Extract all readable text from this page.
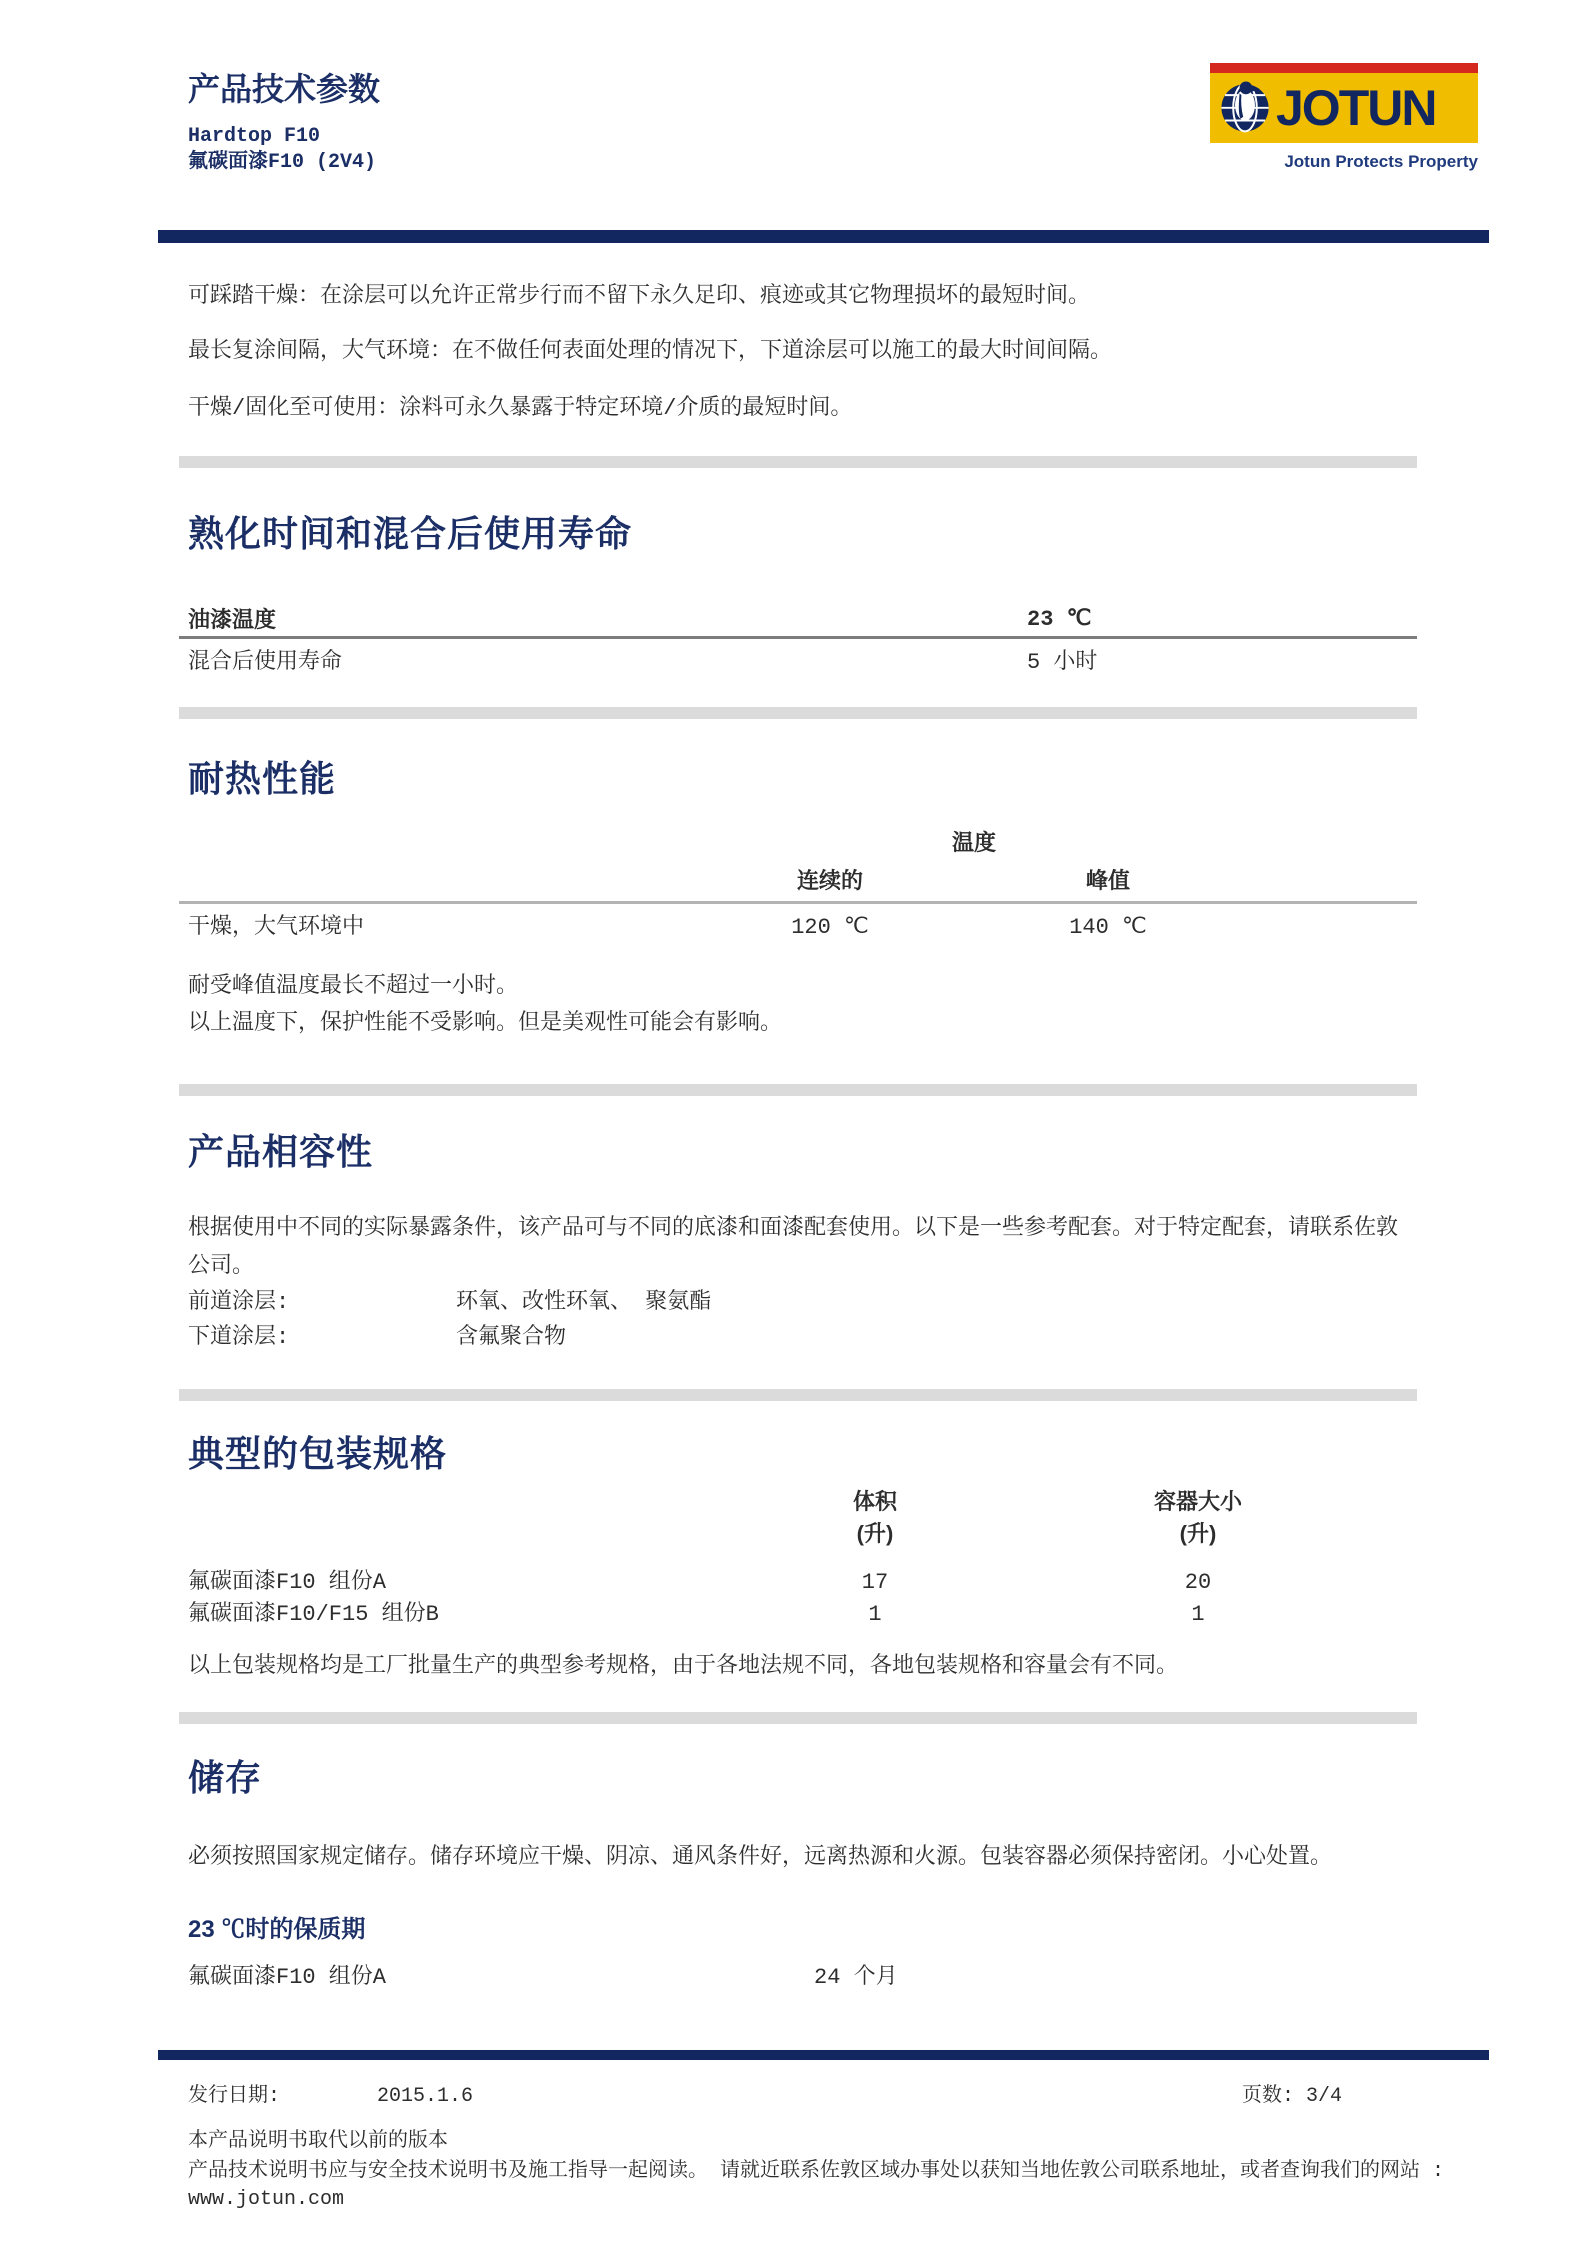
产品技术参数
Hardtop F10
氟碳面漆F10 (2V4)
JOTUN
Jotun Protects Property
可踩踏干燥：在涂层可以允许正常步行而不留下永久足印、痕迹或其它物理损坏的最短时间。
最长复涂间隔，大气环境：在不做任何表面处理的情况下，下道涂层可以施工的最大时间间隔。
干燥/固化至可使用：涂料可永久暴露于特定环境/介质的最短时间。
熟化时间和混合后使用寿命
油漆温度	23 ℃
混合后使用寿命	5 小时
耐热性能
温度
连续的	峰值
干燥，大气环境中	120 ℃	140 ℃
耐受峰值温度最长不超过一小时。
以上温度下，保护性能不受影响。但是美观性可能会有影响。
产品相容性
根据使用中不同的实际暴露条件，该产品可与不同的底漆和面漆配套使用。以下是一些参考配套。对于特定配套，请联系佐敦公司。
前道涂层:	环氧、改性环氧、 聚氨酯
下道涂层:	含氟聚合物
典型的包装规格
体积
(升)
容器大小
(升)
氟碳面漆F10 组份A	17	20
氟碳面漆F10/F15 组份B	1	1
以上包装规格均是工厂批量生产的典型参考规格，由于各地法规不同，各地包装规格和容量会有不同。
储存
必须按照国家规定储存。储存环境应干燥、阴凉、通风条件好，远离热源和火源。包装容器必须保持密闭。小心处置。
23 ℃时的保质期
氟碳面漆F10 组份A	24 个月
发行日期:	2015.1.6	页数: 3/4
本产品说明书取代以前的版本
产品技术说明书应与安全技术说明书及施工指导一起阅读。 请就近联系佐敦区域办事处以获知当地佐敦公司联系地址，或者查询我们的网站 :
www.jotun.com
